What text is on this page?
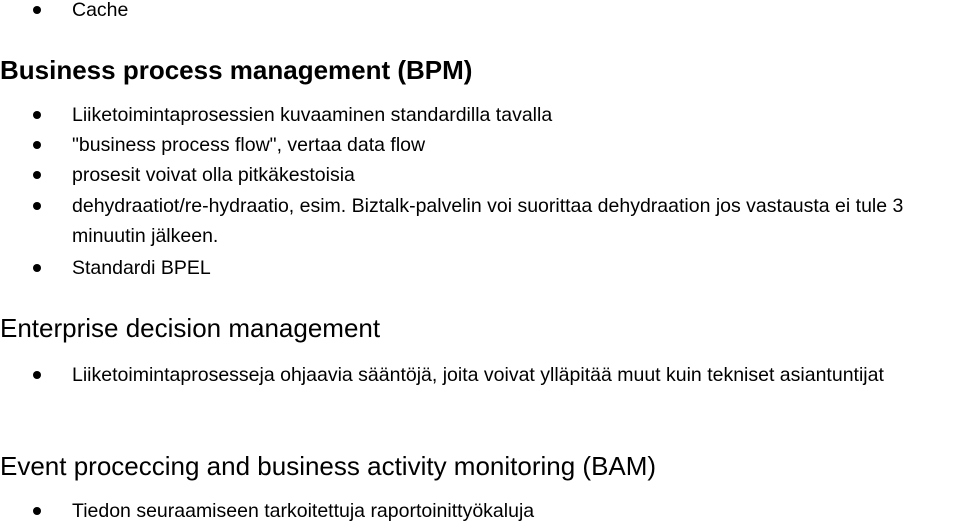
Cache
Business process management (BPM)
Liiketoimintaprosessien kuvaaminen standardilla tavalla
"business process flow", vertaa data flow
prosesit voivat olla pitkäkestoisia
dehydraatiot/re-hydraatio, esim. Biztalk-palvelin voi suorittaa dehydraation jos vastausta ei tule 3 minuutin jälkeen.
Standardi BPEL
Enterprise decision management
Liiketoimintaprosesseja ohjaavia sääntöjä, joita voivat ylläpitää muut kuin tekniset asiantuntijat
Event proceccing and business activity monitoring (BAM)
Tiedon seuraamiseen tarkoitettuja raportoinittyökaluja
